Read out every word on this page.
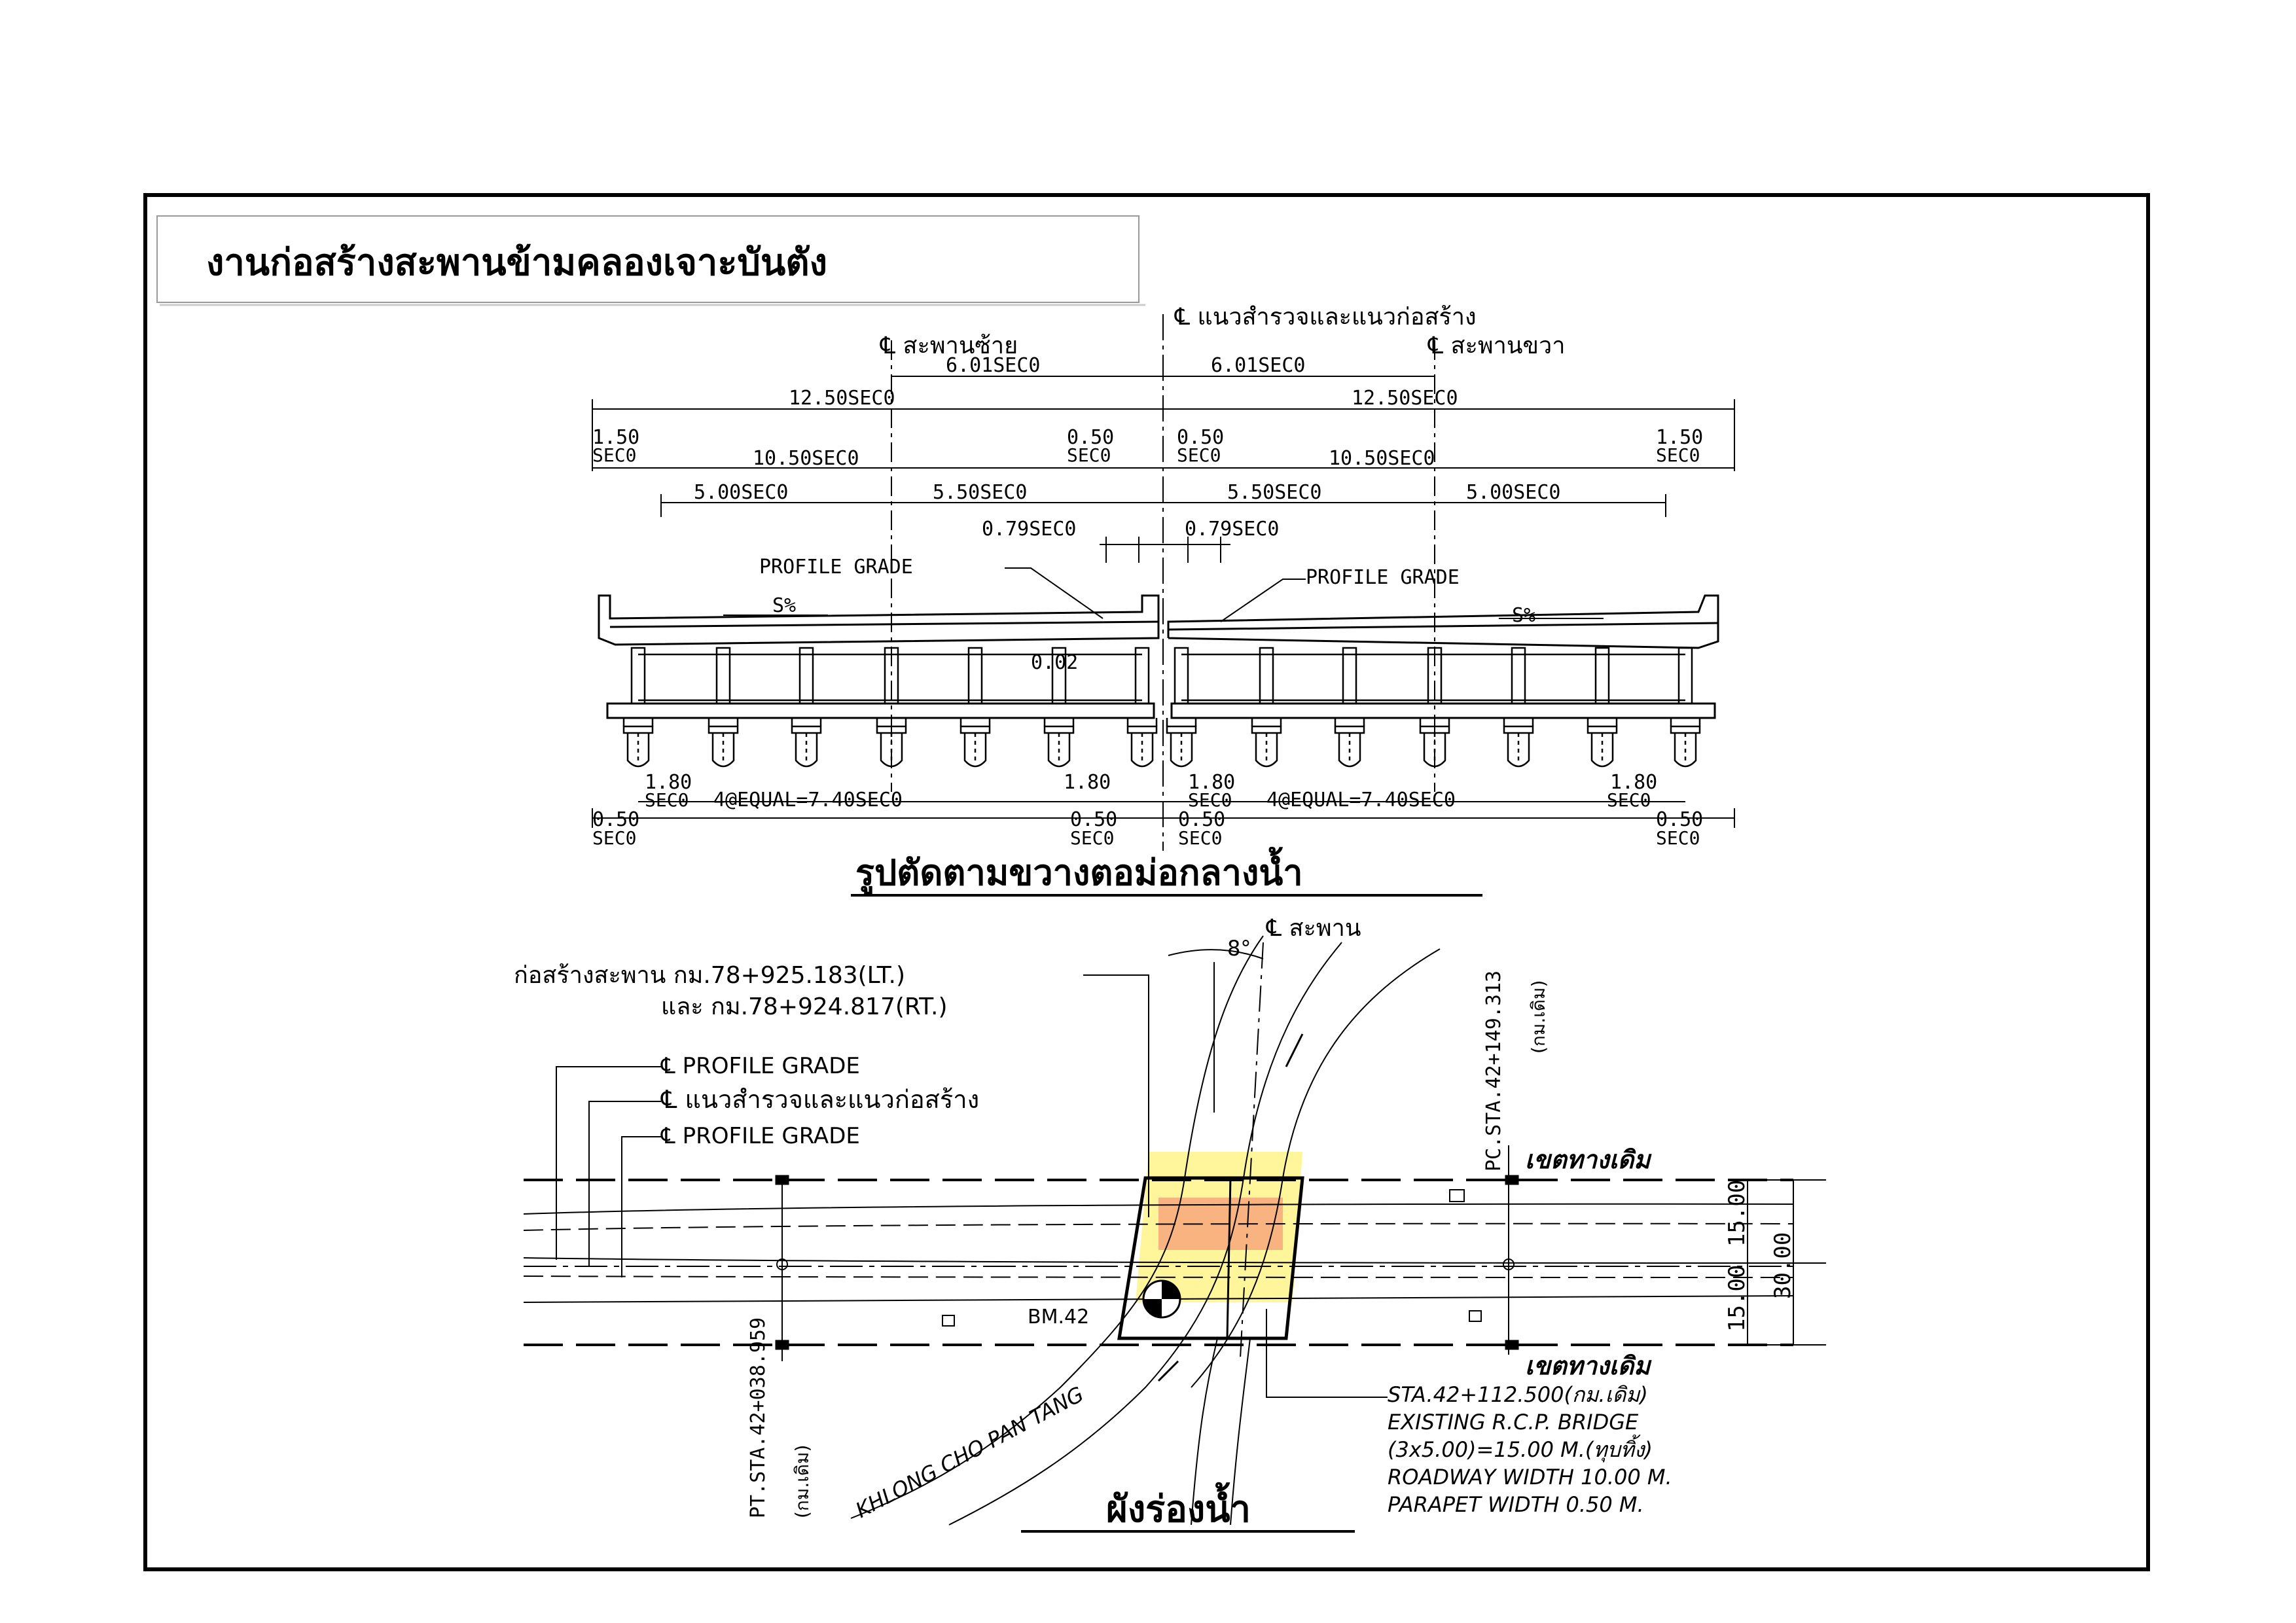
งานก่อสร้างสะพานข้ามคลองเจาะบันตัง
℄ แนวสำรวจและแนวก่อสร้าง
℄ สะพานซ้าย	℄ สะพานขวา
6.01SEC0	6.01SEC0
12.50SEC0	12.50SEC0
1.50
SEC0
1.50
SEC0
0.50
SEC0
0.50
SEC0
10.50SEC0	10.50SEC0
5.00SEC0	5.50SEC0	5.50SEC0	5.00SEC0
0.79SEC0	0.79SEC0
PROFILE GRADE	PROFILE GRADE
S%	S%
0.02
1.80	1.80	1.80	1.80
4@EQUAL=7.40SEC0	4@EQUAL=7.40SEC0
SEC0	SEC0	SEC0
0.50
SEC0
0.50
SEC0
0.50
SEC0
0.50
SEC0
รูปตัดตามขวางตอม่อกลางน้ำ
ก่อสร้างสะพาน กม.78+925.183(LT.)
และ กม.78+924.817(RT.)
℄ สะพาน
8°
℄ PROFILE GRADE
℄ แนวสำรวจและแนวก่อสร้าง
℄ PROFILE GRADE
เขตทางเดิม
เขตทางเดิม
PC.STA.42+149.313 (กม.เดิม)
PT.STA.42+038.959 (กม.เดิม)
15.00
15.00 30.00
BM.42
KHLONG CHO PAN TANG	STA.42+112.500(กม.เดิม)
EXISTING R.C.P. BRIDGE
(3x5.00)=15.00 M.(ทุบทิ้ง)
ROADWAY WIDTH 10.00 M.
PARAPET WIDTH 0.50 M.
ผังร่องน้ำ
